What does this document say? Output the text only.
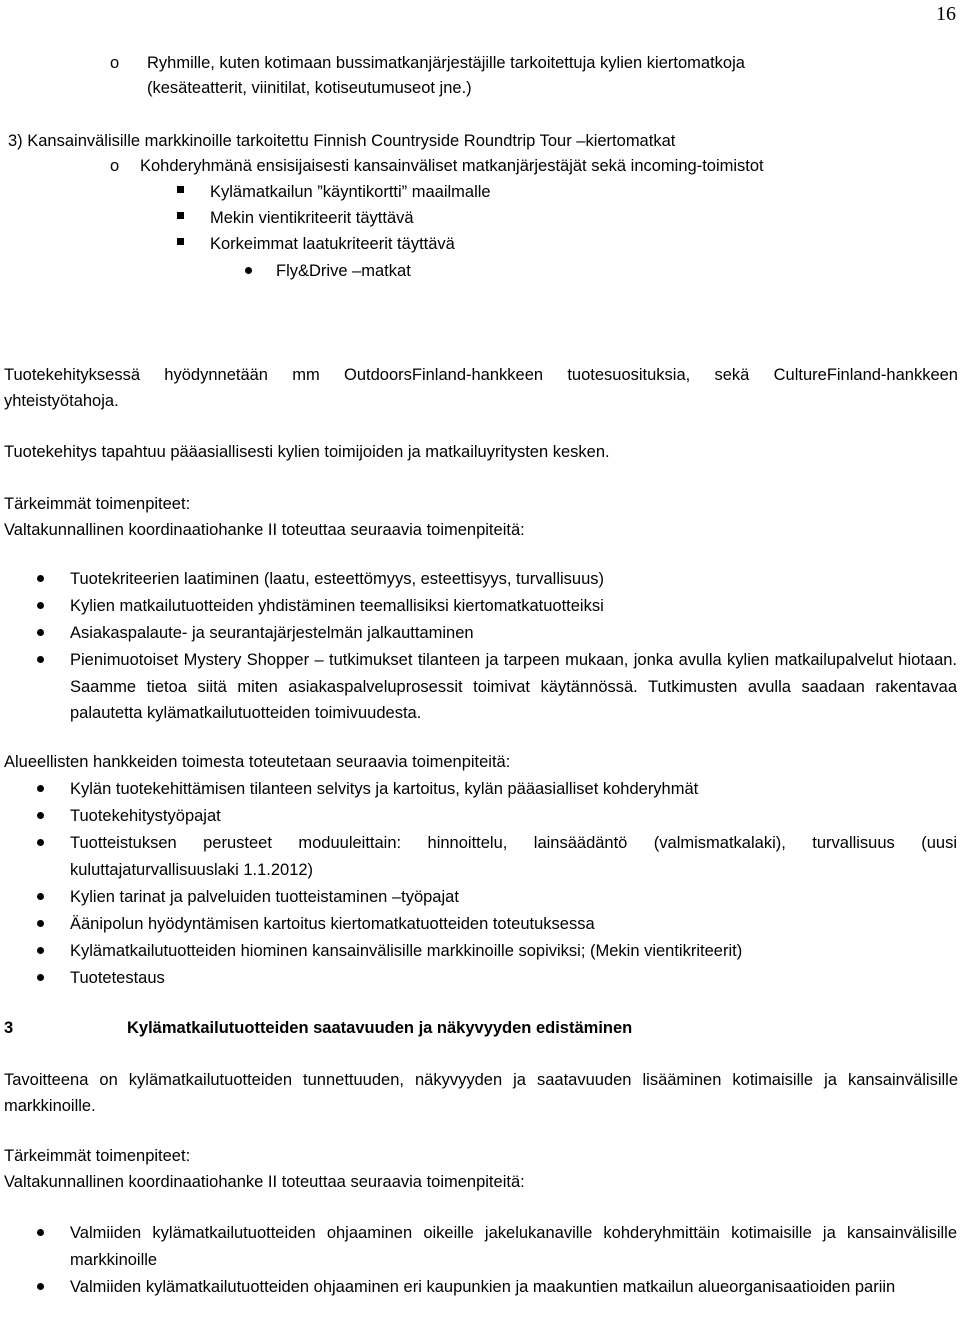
16
o Ryhmille, kuten kotimaan bussimatkanjärjestäjille tarkoitettuja kylien kiertomatkoja
(kesäteatterit, viinitilat, kotiseutumuseot jne.)
3) Kansainvälisille markkinoille tarkoitettu Finnish Countryside Roundtrip Tour –kiertomatkat
o Kohderyhmänä ensisijaisesti kansainväliset matkanjärjestäjät sekä incoming-toimistot
Kylämatkailun ”käyntikortti” maailmalle
Mekin vientikriteerit täyttävä
Korkeimmat laatukriteerit täyttävä
Fly&Drive –matkat
Tuotekehityksessä hyödynnetään mm OutdoorsFinland-hankkeen tuotesuosituksia, sekä CultureFinland-hankkeen yhteistyötahoja.
Tuotekehitys tapahtuu pääasiallisesti kylien toimijoiden ja matkailuyritysten kesken.
Tärkeimmät toimenpiteet:
Valtakunnallinen koordinaatiohanke II toteuttaa seuraavia toimenpiteitä:
Tuotekriteerien laatiminen (laatu, esteettömyys, esteettisyys, turvallisuus)
Kylien matkailutuotteiden yhdistäminen teemallisiksi kiertomatkatuotteiksi
Asiakaspalaute- ja seurantajärjestelmän jalkauttaminen
Pienimuotoiset Mystery Shopper – tutkimukset tilanteen ja tarpeen mukaan, jonka avulla kylien matkailupalvelut hiotaan. Saamme tietoa siitä miten asiakaspalveluprosessit toimivat käytännössä. Tutkimusten avulla saadaan rakentavaa palautetta kylämatkailutuotteiden toimivuudesta.
Alueellisten hankkeiden toimesta toteutetaan seuraavia toimenpiteitä:
Kylän tuotekehittämisen tilanteen selvitys ja kartoitus, kylän pääasialliset kohderyhmät
Tuotekehitystyöpajat
Tuotteistuksen perusteet moduuleittain: hinnoittelu, lainsäädäntö (valmismatkalaki), turvallisuus (uusi kuluttajaturvallisuuslaki 1.1.2012)
Kylien tarinat ja palveluiden tuotteistaminen –työpajat
Äänipolun hyödyntämisen kartoitus kiertomatkatuotteiden toteutuksessa
Kylämatkailutuotteiden hiominen kansainvälisille markkinoille sopiviksi; (Mekin vientikriteerit)
Tuotetestaus
3	Kylämatkailutuotteiden saatavuuden ja näkyvyyden edistäminen
Tavoitteena on kylämatkailutuotteiden tunnettuuden, näkyvyyden ja saatavuuden lisääminen kotimaisille ja kansainvälisille markkinoille.
Tärkeimmät toimenpiteet:
Valtakunnallinen koordinaatiohanke II toteuttaa seuraavia toimenpiteitä:
Valmiiden kylämatkailutuotteiden ohjaaminen oikeille jakelukanaville kohderyhmittäin kotimaisille ja kansainvälisille markkinoille
Valmiiden kylämatkailutuotteiden ohjaaminen eri kaupunkien ja maakuntien matkailun alueorganisaatioiden pariin
